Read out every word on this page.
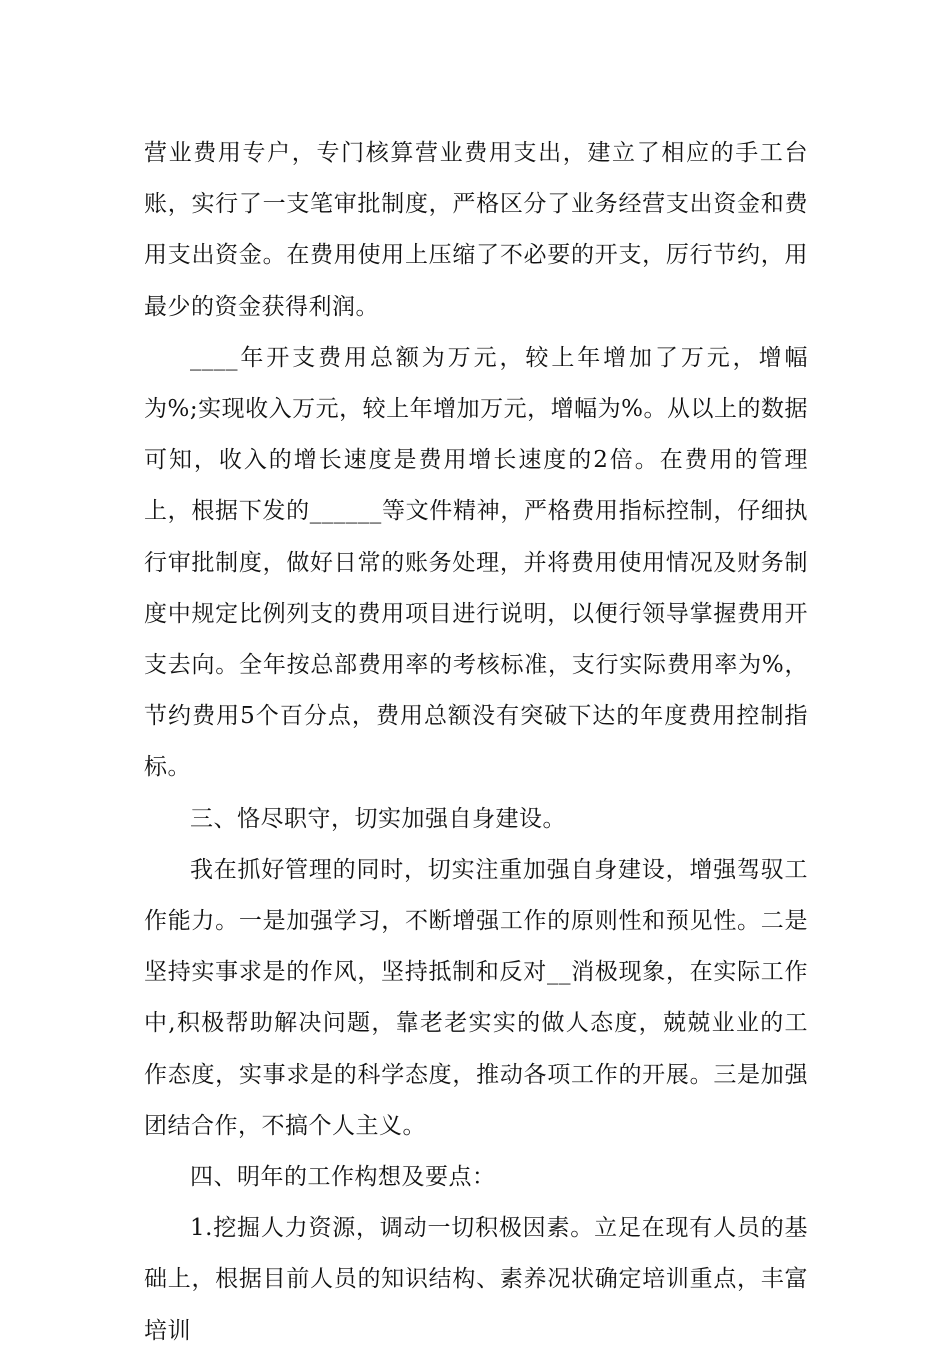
营业费用专户，专门核算营业费用支出，建立了相应的手工台账，实行了一支笔审批制度，严格区分了业务经营支出资金和费用支出资金。在费用使用上压缩了不必要的开支，厉行节约，用最少的资金获得利润。

____年开支费用总额为万元，较上年增加了万元，增幅为%;实现收入万元，较上年增加万元，增幅为%。从以上的数据可知，收入的增长速度是费用增长速度的2倍。在费用的管理上，根据下发的______等文件精神，严格费用指标控制，仔细执行审批制度，做好日常的账务处理，并将费用使用情况及财务制度中规定比例列支的费用项目进行说明，以便行领导掌握费用开支去向。全年按总部费用率的考核标准，支行实际费用率为%，节约费用5个百分点，费用总额没有突破下达的年度费用控制指标。

三、恪尽职守，切实加强自身建设。

我在抓好管理的同时，切实注重加强自身建设，增强驾驭工作能力。一是加强学习，不断增强工作的原则性和预见性。二是坚持实事求是的作风，坚持抵制和反对__消极现象，在实际工作中,积极帮助解决问题，靠老老实实的做人态度，兢兢业业的工作态度，实事求是的科学态度，推动各项工作的开展。三是加强团结合作，不搞个人主义。

四、明年的工作构想及要点：

1.挖掘人力资源，调动一切积极因素。立足在现有人员的基础上，根据目前人员的知识结构、素养况状确定培训重点，丰富培训
